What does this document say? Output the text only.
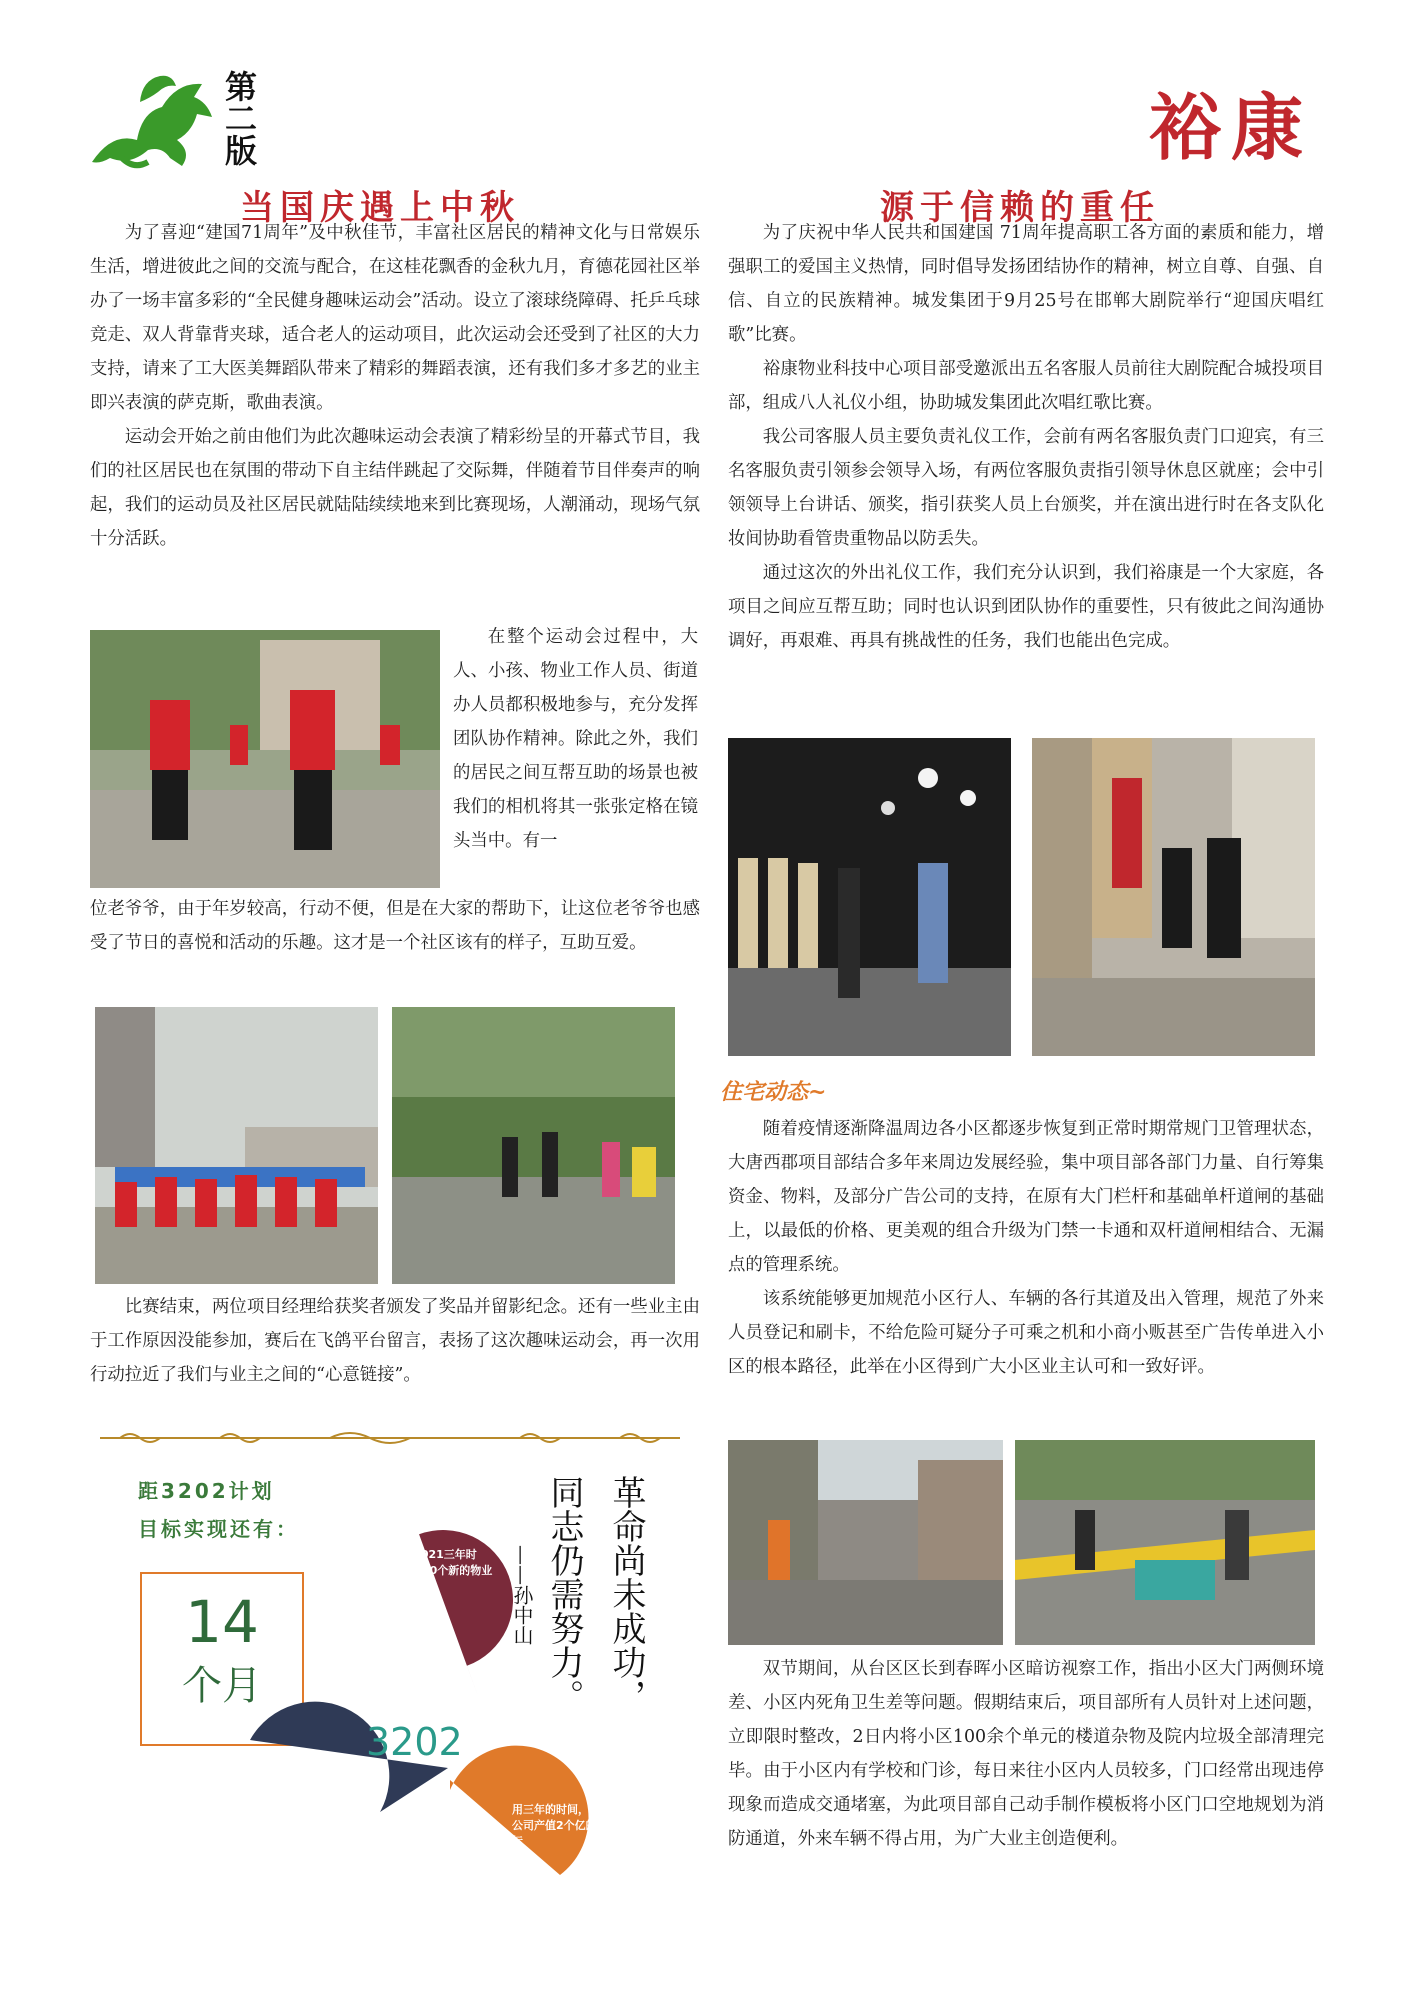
第二版	裕康
当国庆遇上中秋

为了喜迎“建国71周年”及中秋佳节，丰富社区居民的精神文化与日常娱乐生活，增进彼此之间的交流与配合，在这桂花飘香的金秋九月，育德花园社区举办了一场丰富多彩的“全民健身趣味运动会”活动。设立了滚球绕障碍、托乒乓球竞走、双人背靠背夹球，适合老人的运动项目，此次运动会还受到了社区的大力支持，请来了工大医美舞蹈队带来了精彩的舞蹈表演，还有我们多才多艺的业主即兴表演的萨克斯，歌曲表演。

运动会开始之前由他们为此次趣味运动会表演了精彩纷呈的开幕式节目，我们的社区居民也在氛围的带动下自主结伴跳起了交际舞，伴随着节目伴奏声的响起，我们的运动员及社区居民就陆陆续续地来到比赛现场，人潮涌动，现场气氛十分活跃。

在整个运动会过程中，大人、小孩、物业工作人员、街道办人员都积极地参与，充分发挥团队协作精神。除此之外，我们的居民之间互帮互助的场景也被我们的相机将其一张张定格在镜头当中。有一

位老爷爷，由于年岁较高，行动不便，但是在大家的帮助下，让这位老爷爷也感受了节日的喜悦和活动的乐趣。这才是一个社区该有的样子，互助互爱。

比赛结束，两位项目经理给获奖者颁发了奖品并留影纪念。还有一些业主由于工作原因没能参加，赛后在飞鸽平台留言，表扬了这次趣味运动会，再一次用行动拉近了我们与业主之间的“心意链接”。

距3202计划
目标实现还有：
14
个月
2019-2021三年时间，签约20个新的物业服务项目
3202
环卫项目继续扩大运营能力、邯郸大城区、外阜各城市公司实现产值翻番
用三年的时间，实现公司产值2个亿的目标
革命尚未成功，
同志仍需努力。
——孙中山
源于信赖的重任

为了庆祝中华人民共和国建国 71周年提高职工各方面的素质和能力，增强职工的爱国主义热情，同时倡导发扬团结协作的精神，树立自尊、自强、自信、自立的民族精神。城发集团于9月25号在邯郸大剧院举行“迎国庆唱红歌”比赛。

裕康物业科技中心项目部受邀派出五名客服人员前往大剧院配合城投项目部，组成八人礼仪小组，协助城发集团此次唱红歌比赛。

我公司客服人员主要负责礼仪工作，会前有两名客服负责门口迎宾，有三名客服负责引领参会领导入场，有两位客服负责指引领导休息区就座；会中引领领导上台讲话、颁奖，指引获奖人员上台颁奖，并在演出进行时在各支队化妆间协助看管贵重物品以防丢失。

通过这次的外出礼仪工作，我们充分认识到，我们裕康是一个大家庭，各项目之间应互帮互助；同时也认识到团队协作的重要性，只有彼此之间沟通协调好，再艰难、再具有挑战性的任务，我们也能出色完成。

住宅动态~

随着疫情逐渐降温周边各小区都逐步恢复到正常时期常规门卫管理状态，大唐西郡项目部结合多年来周边发展经验，集中项目部各部门力量、自行筹集资金、物料，及部分广告公司的支持，在原有大门栏杆和基础单杆道闸的基础上，以最低的价格、更美观的组合升级为门禁一卡通和双杆道闸相结合、无漏点的管理系统。

该系统能够更加规范小区行人、车辆的各行其道及出入管理，规范了外来人员登记和刷卡，不给危险可疑分子可乘之机和小商小贩甚至广告传单进入小区的根本路径，此举在小区得到广大小区业主认可和一致好评。

双节期间，从台区区长到春晖小区暗访视察工作，指出小区大门两侧环境差、小区内死角卫生差等问题。假期结束后，项目部所有人员针对上述问题，立即限时整改，2日内将小区100余个单元的楼道杂物及院内垃圾全部清理完毕。由于小区内有学校和门诊，每日来往小区内人员较多，门口经常出现违停现象而造成交通堵塞，为此项目部自己动手制作模板将小区门口空地规划为消防通道，外来车辆不得占用，为广大业主创造便利。
